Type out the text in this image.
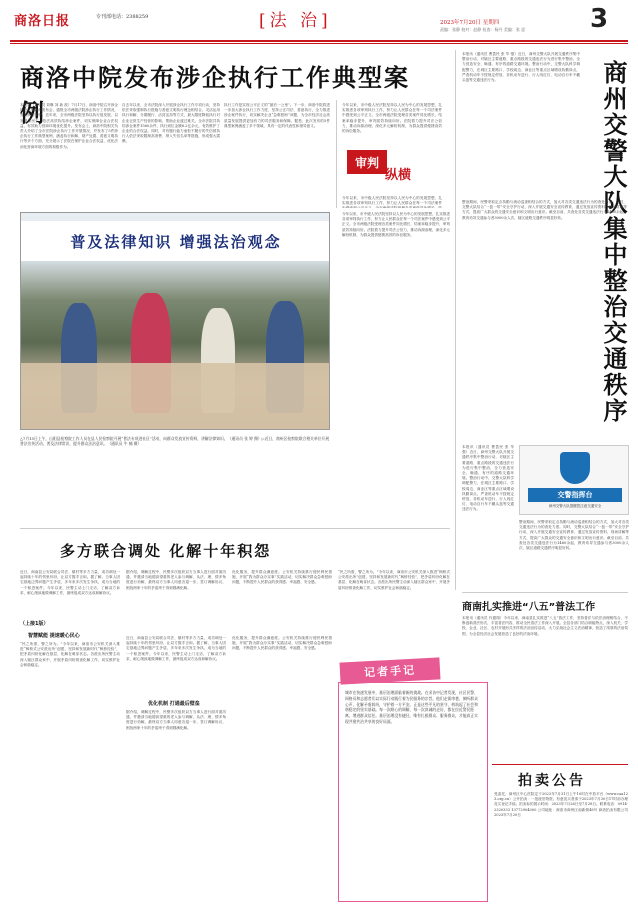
商洛日报	专刊部电话：2388259	[法 治]	2023年7月20日 星期四
责编：张静 校对：赵静 检查：杨丹 美编：张 思 3
商洛中院发布涉企执行工作典型案例
本报讯（通讯员 刘琳 刘 新 波）7月17日，商洛中院召开涉企执行工作新闻发布会，通报全市两级法院涉企执行工作情况，发布典型案例。近年来，全市两级法院坚持以执行促发展、以发展保民生，依法高效执结涉企案件，切实保障企业合法权益，有效助力营商环境优化提升。发布会上，商洛中院相关负责人介绍了全市法院涉企执行工作开展情况，并发布了5件涉企执行工作典型案例，涵盖执行和解、财产处置、善意文明执行等多个方面，充分展示了法院在保护企业合法权益、优化法治化营商环境方面的积极作为。
自去年以来，全市法院深入开展涉企执行工作专项行动，坚持依法采取强制执行措施与善意文明执行理念相结合，灵活运用执行和解、分期履行、活封活扣等方式，最大限度降低执行对企业正常生产经营的影响，帮助企业渡过难关。全市法院共执结涉企案件1560余件，执行到位金额8.2亿余元，有效维护了企业的合法权益。同时，对有履行能力而拒不履行的失信被执行人依法采取限制高消费、纳入失信名单等措施，形成强大震慑。
执行工作是实现公平正义的“最后一公里”。下一步，商洛中院将进一步加大涉企执行工作力度，坚持公正司法、善意执行，全力推进涉企案件执行，切实解决企业“急难愁盼”问题，为全市经济社会高质量发展提供更加有力的司法服务和保障。据悉，此次发布的5件典型案例涵盖了多个领域，具有一定的代表性和指导意义。
今年以来，市中级人民法院坚持以人民为中心的发展思想，扎实推进各项审判执行工作，努力让人民群众在每一个司法案件中感受到公平正义。全市两级法院受理各类案件同比增长，结案率稳步提升，审判质效持续向好。法院着力提升司法公信力，推动诉源治理，深化多元解纷机制，为群众提供便捷高效的诉讼服务。
审判
纵横
今年以来，市中级人民法院坚持以人民为中心的发展思想，扎实推进各项审判执行工作，努力让人民群众在每一个司法案件	商州交警大队集中整治交通秩序
本报讯（通讯员 曹盈民 张 毕 强）近日，商州交警大队开展交通秩序集中整治行动，对辖区主要道路、重点路段的交通违法行为进行集中整治，全力营造安全、畅通、有序的道路交通环境。整治行动中，交警大队科学调配警力，在城区主要路口、学校周边、商业区等重点区域增设执勤岗点，严查机动车不按规定停放、非机动车逆行、行人闯红灯、电动自行车不戴头盔等交通违法行为。
整治期间，民警采取定点执勤与流动巡查相结合的方式，加大对各类交通违法行为的查处力度。同时，交警大队结合“一盔一带”安全守护行动，深入开展交通安全宣传教育，通过发放宣传资料、现场讲解等方式，提高广大群众的交通安全意识和文明出行意识。截至目前，共查处各类交通违法行为1460余起，教育劝导交通参与者3000余人次，辖区道路交通秩序明显好转。
本报讯（通讯员 曹盈民 张 毕 强）近日，商州交警大队开展交通秩序集中整治行动，对辖区主要道路、重点路段的交通违法行为进行集中整治，全力营造安全、畅通、有序的道路交通环境。整治行动中，交警大队科学调配警力，在城区主要路口、学校周边、商业区等重点区域增设执勤岗点，严查机动车不按规定停放、非机动车逆行、行人闯红灯、电动自行车不戴头盔等交通违法行为。
交警指挥台
商州交警大队提醒您注意交通安全
整治期间，民警采取定点执勤与流动巡查相结合的方式，加大对各类交通违法行为的查处力度。同时，交警大队结合“一盔一带”安全守护行动，深入开展交通安全宣传教育，通过发放宣传资料、现场讲解等方式，提高广大群众的交通安全意识和文明出行意识。截至目前，共查处各类交通违法行为1460余起，教育劝导交通参与者3000余人次，辖区道路交通秩序明显好转。
普及法律知识 增强法治观念
△7月15日上午，山阳县检察院工作人员在县人民检察院开展“普法专项进社区”活动，向群众发放宣传资料，讲解法律知识。（通讯员 张 婷 摄）▷近日，商州区检察院联合相关单位开展普法宣传活动，普及法律常识，提升群众法治意识。（通讯员 牛 楠 摄）
今年以来，市中级人民法院坚持以人民为中心的发展思想，扎实推进各项审判执行工作，努力让人民群众在每一个司法案件中感受到公平正义。全市两级法院受理各类案件同比增长，结案率稳步提升，审判质效持续向好。法院着力提升司法公信力，推动诉源治理，深化多元解纷机制，为群众提供便捷高效的诉讼服务。
多方联合调处 化解十年积怨
近日，商南县公安局联合司法、镇村等多方力量，成功调处一起持续十年的邻里纠纷，让双方握手言和。据了解，当事人因宅基地边界问题产生矛盾，多年来多次发生争执，成为当地的一个积怨案件。今年以来，民警主动上门走访，了解双方诉求，耐心细致地做调解工作，最终促成双方达成和解协议。
据介绍，调解过程中，民警多次组织双方当事人进行面对面沟通，并邀请当地德高望重的老人参与调解，从法、理、情多角度进行劝解，最终双方当事人同意各退一步，签订调解协议，困扰两家十年的矛盾终于得到圆满化解。
优化服务，提升群众满意度。公安机关持续推行便民利民措施，开展“我为群众办实事”实践活动，切实解决群众急难愁盼问题，不断提升人民群众的获得感、幸福感、安全感。
“民之所需，警之所为。”今年以来，商洛市公安机关深入推进“枫桥式公安派出所”创建，坚持和发展新时代“枫桥经验”，把矛盾纠纷化解在基层、化解在萌芽状态。各派出所民警主动深入辖区群众家中，开展矛盾纠纷排查化解工作，切实维护社会和谐稳定。
（上接1版）
智慧赋能 提速暖心民心
“民之所需，警之所为。”今年以来，商洛市公安机关深入推进“枫桥式公安派出所”创建，坚持和发展新时代“枫桥经验”，把矛盾纠纷化解在基层、化解在萌芽状态。各派出所民警主动深入辖区群众家中，开展矛盾纠纷排查化解工作，切实维护社会和谐稳定。
近日，商南县公安局联合司法、镇村等多方力量，成功调处一起持续十年的邻里纠纷，让双方握手言和。据了解，当事人因宅基地边界问题产生矛盾，多年来多次发生争执，成为当地的一个积怨案件。今年以来，民警主动上门走访，了解双方诉求，耐心细致地做调解工作，最终促成双方达成和解协议。
优化机制 打通最后壁垒
据介绍，调解过程中，民警多次组织双方当事人进行面对面沟通，并邀请当地德高望重的老人参与调解，从法、理、情多角度进行劝解，最终双方当事人同意各退一步，签订调解协议，困扰两家十年的矛盾终于得到圆满化解。
优化服务，提升群众满意度。公安机关持续推行便民利民措施，开展“我为群众办实事”实践活动，切实解决群众急难愁盼问题，不断提升人民群众的获得感、幸福感、安全感。
记者手记
城市在快速发展中，基层治理面临着新的挑战。在采访中记者发现，社区民警、网格员和志愿者们以实际行动践行着为民服务的宗旨。他们走街串巷，倾听群众心声，化解矛盾纠纷，守护着一方平安。正是这些平凡的坚守，构筑起了社会和谐稳定的坚实基础。每一次耐心的调解，每一次真诚的走访，都在拉近警民距离，增进群众信任。基层治理没有捷径，唯有扎根群众、服务群众，才能真正实现共建共治共享的良好局面。
商南扎实推进“八五”普法工作
本报讯（通讯员 代德翔）今年以来，商南县扎实推进“八五”普法工作，坚持普法与依法治理相结合，不断创新普法形式，丰富普法内容，推动全民普法工作深入开展。全县各部门结合职能特点，深入机关、学校、企业、社区、农村开展形式多样的法治宣传活动，大力弘扬社会主义法治精神，营造了浓厚的法治氛围，为全县经济社会发展营造了良好的法治环境。
拍卖公告
受委托，商州区中心医院定于2023年7月31日上午10时在中拍平台（www.caa123.org.cn）公开拍卖：一批废旧物资。有意竞买者请于2023年7月30日17时前办理竞买登记手续。拍卖标的展示时间：2023年7月26日至7月28日。联系电话：0914-2320333 13772904000 公司地址：商洛市商州区南新街48号 商洛拍卖有限公司 2023年7月20日
